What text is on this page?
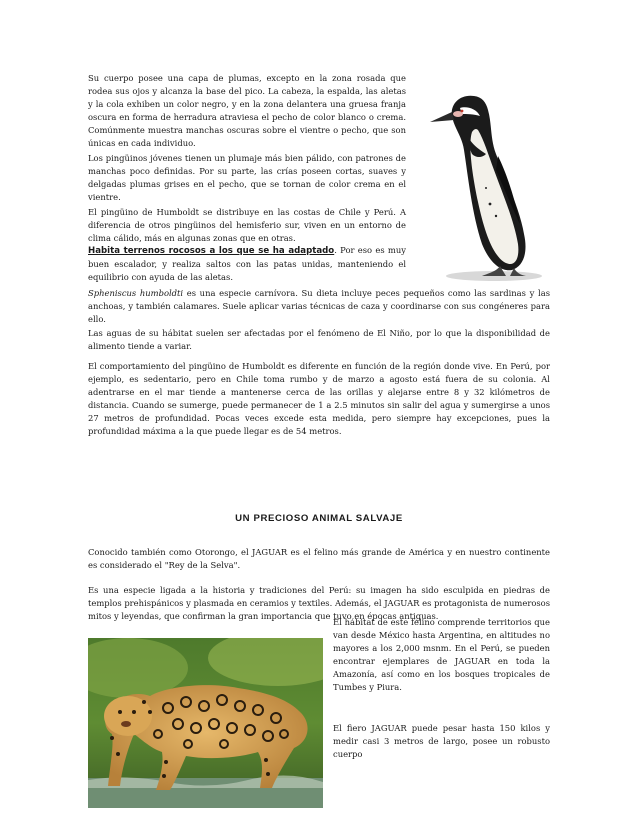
Su cuerpo posee una capa de plumas, excepto en la zona rosada que rodea sus ojos y alcanza la base del pico. La cabeza, la espalda, las aletas y la cola exhiben un color negro, y en la zona delantera una gruesa franja oscura en forma de herradura atraviesa el pecho de color blanco o crema. Comúnmente muestra manchas oscuras sobre el vientre o pecho, que son únicas en cada individuo.

Los pingüinos jóvenes tienen un plumaje más bien pálido, con patrones de manchas poco definidas. Por su parte, las crías poseen cortas, suaves y delgadas plumas grises en el pecho, que se tornan de color crema en el vientre.

El pingüino de Humboldt se distribuye en las costas de Chile y Perú. A diferencia de otros pingüinos del hemisferio sur, viven en un entorno de clima cálido, más en algunas zonas que en otras.

Habita terrenos rocosos a los que se ha adaptado. Por eso es muy buen escalador, y realiza saltos con las patas unidas, manteniendo el equilibrio con ayuda de las aletas.

Spheniscus humboldti es una especie carnívora. Su dieta incluye peces pequeños como las sardinas y las anchoas, y también calamares. Suele aplicar varias técnicas de caza y coordinarse con sus congéneres para ello.

Las aguas de su hábitat suelen ser afectadas por el fenómeno de El Niño, por lo que la disponibilidad de alimento tiende a variar.

El comportamiento del pingüino de Humboldt es diferente en función de la región donde vive. En Perú, por ejemplo, es sedentario, pero en Chile toma rumbo y de marzo a agosto está fuera de su colonia. Al adentrarse en el mar tiende a mantenerse cerca de las orillas y alejarse entre 8 y 32 kilómetros de distancia. Cuando se sumerge, puede permanecer de 1 a 2.5 minutos sin salir del agua y sumergirse a unos 27 metros de profundidad. Pocas veces excede esta medida, pero siempre hay excepciones, pues la profundidad máxima a la que puede llegar es de 54 metros.

UN PRECIOSO ANIMAL SALVAJE

Conocido también como Otorongo, el JAGUAR es el felino más grande de América y en nuestro continente es considerado el "Rey de la Selva".

Es una especie ligada a la historia y tradiciones del Perú: su imagen ha sido esculpida en piedras de templos prehispánicos y plasmada en ceramios y textiles. Además, el JAGUAR es protagonista de numerosos mitos y leyendas, que confirman la gran importancia que tuvo en épocas antiguas.

El hábitat de este felino comprende territorios que van desde México hasta Argentina, en altitudes no mayores a los 2,000 msnm. En el Perú, se pueden encontrar ejemplares de JAGUAR en toda la Amazonía, así como en los bosques tropicales de Tumbes y Piura.

El fiero JAGUAR puede pesar hasta 150 kilos y medir casi 3 metros de largo, posee un robusto cuerpo
